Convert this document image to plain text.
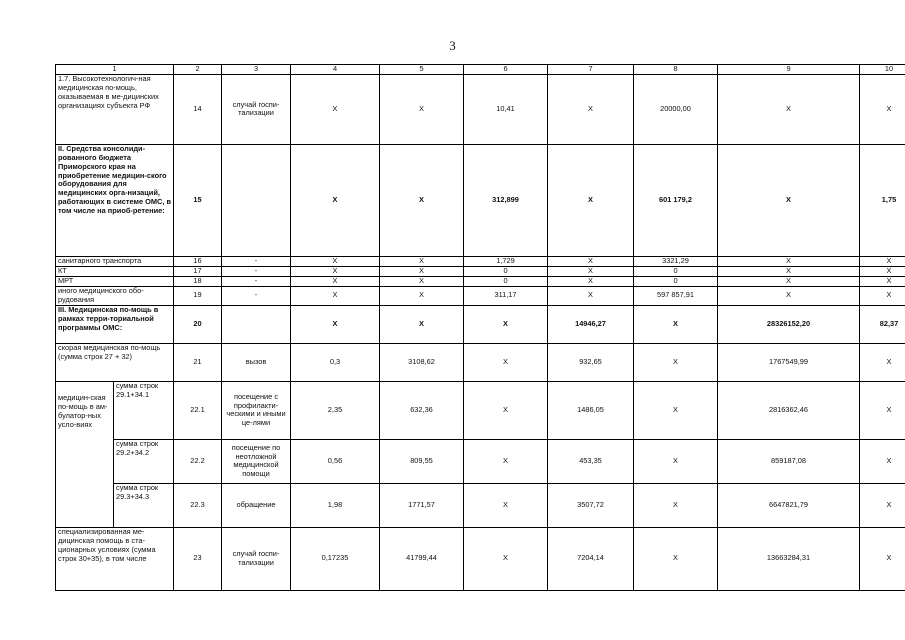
3
1		2	3	4	5	6	7	8	9	10
1.7. Высокотехнологич-ная медицинская по-мощь, оказываемая в ме-дицинских организациях субъекта РФ		14	случай госпи-тализации	X	X	10,41	X	20000,00	X	X
II. Средства консолиди-рованного бюджета Приморского края на приобретение медицин-ского оборудования для медицинских орга-низаций, работающих в системе ОМС, в том числе на приоб-ретение:		15		X	X	312,899	X	601 179,2	X	1,75
санитарного транспорта		16	-	X	X	1,729	X	3321,29	X	X
КТ		17	-	X	X	0	X	0	X	X
МРТ		18	-	X	X	0	X	0	X	X
иного медицинского обо-рудования		19	-	X	X	311,17	X	597 857,91	X	X
III. Медицинская по-мощь в рамках терри-ториальной программы ОМС:		20		X	X	X	14946,27	X	28326152,20	82,37
скорая медицинская по-мощь (сумма строк 27 + 32)		21	вызов	0,3	3108,62	X	932,65	X	1767549,99	X

медицин-ская по-мощь в ам-булатор-ных усло-виях	сумма строк 29.1+34.1	22.1	посещение с профилакти-ческими и иными це-лями	2,35	632,36	X	1486,05	X	2816362,46	X
	сумма строк 29.2+34.2	22.2	посещение по неотложной медицинской помощи	0,56	809,55	X	453,35	X	859187,08	X
	сумма строк 29.3+34.3	22.3	обращение	1,98	1771,57	X	3507,72	X	6647821,79	X
специализированная ме-дицинская помощь в ста-ционарных условиях (сумма строк 30+35), в том числе		23	случай госпи-тализации	0,17235	41799,44	X	7204,14	X	13663284,31	X
